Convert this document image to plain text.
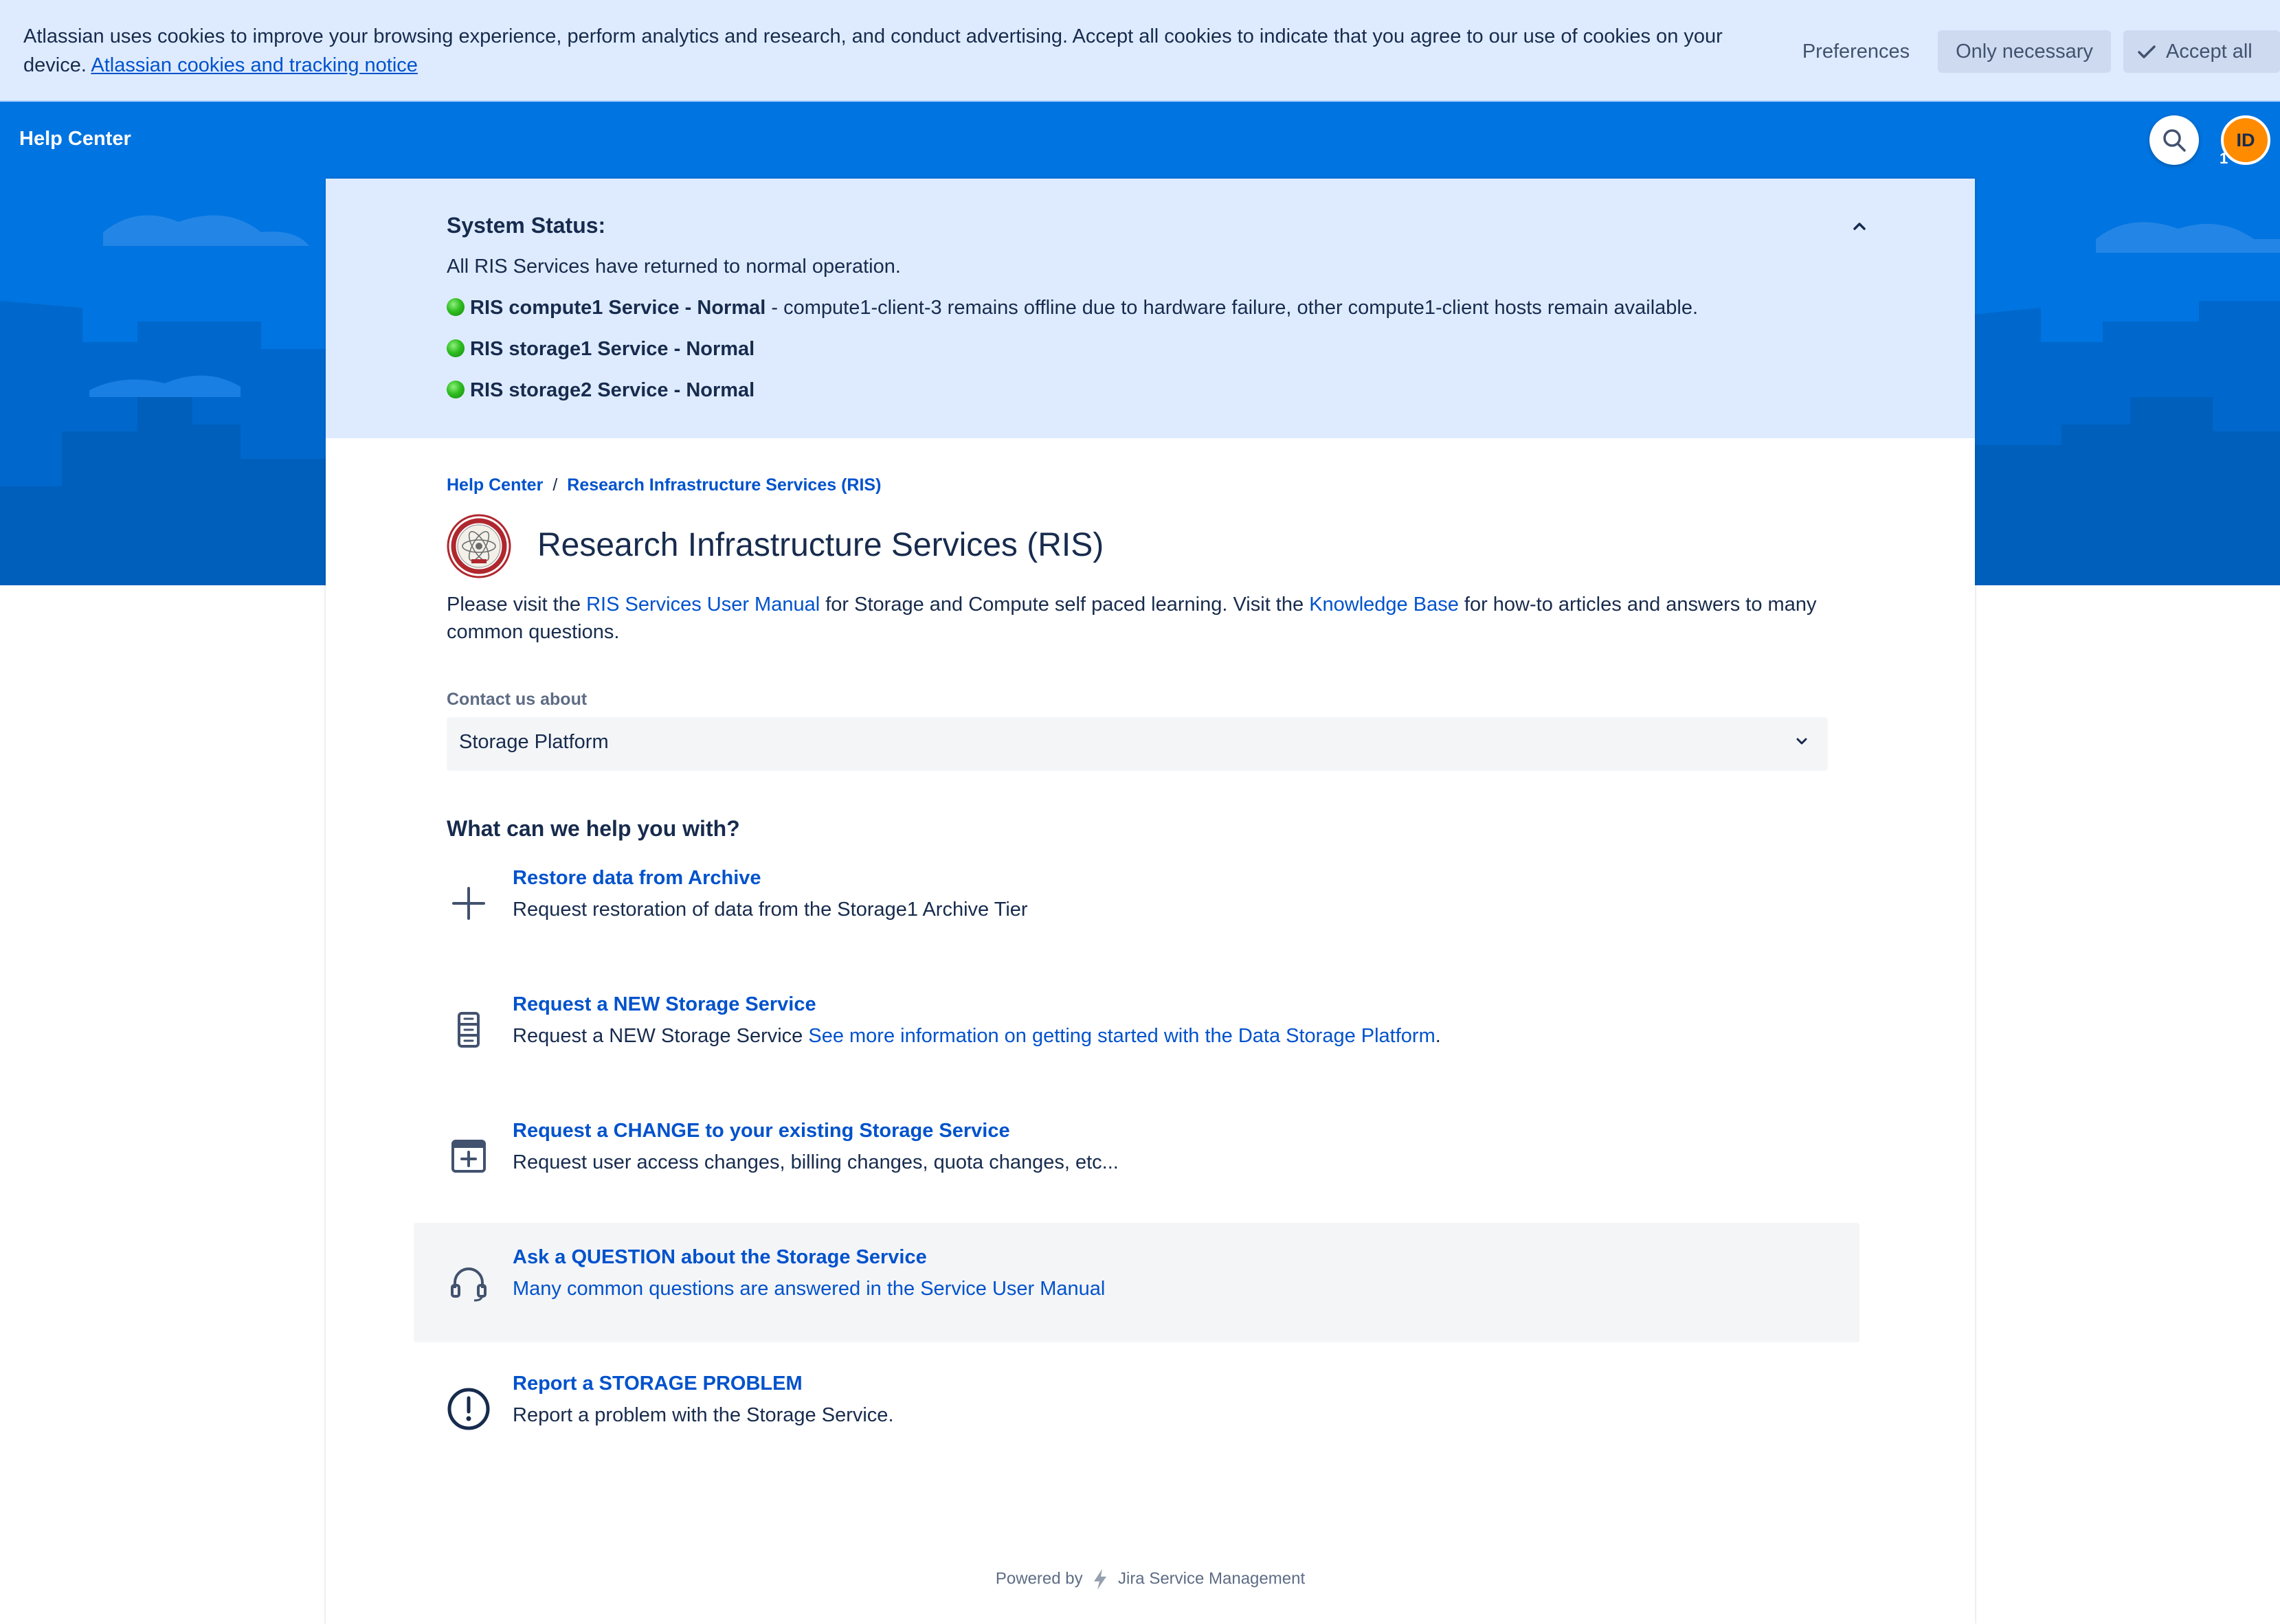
Atlassian uses cookies to improve your browsing experience, perform analytics and research, and conduct advertising. Accept all cookies to indicate that you agree to our use of cookies on your device. Atlassian cookies and tracking notice
Preferences	Only necessary	Accept all
Help Center	ID
1
System Status:
All RIS Services have returned to normal operation.
RIS compute1 Service - Normal - compute1-client-3 remains offline due to hardware failure, other compute1-client hosts remain available.
RIS storage1 Service - Normal
RIS storage2 Service - Normal
Help Center / Research Infrastructure Services (RIS)
Research Infrastructure Services (RIS)
Please visit the RIS Services User Manual for Storage and Compute self paced learning. Visit the Knowledge Base for how-to articles and answers to many common questions.
Contact us about
Storage Platform
What can we help you with?
Restore data from Archive
Request restoration of data from the Storage1 Archive Tier
Request a NEW Storage Service
Request a NEW Storage Service See more information on getting started with the Data Storage Platform.
Request a CHANGE to your existing Storage Service
Request user access changes, billing changes, quota changes, etc...
Ask a QUESTION about the Storage Service
Many common questions are answered in the Service User Manual
Report a STORAGE PROBLEM
Report a problem with the Storage Service.
Powered by Jira Service Management
